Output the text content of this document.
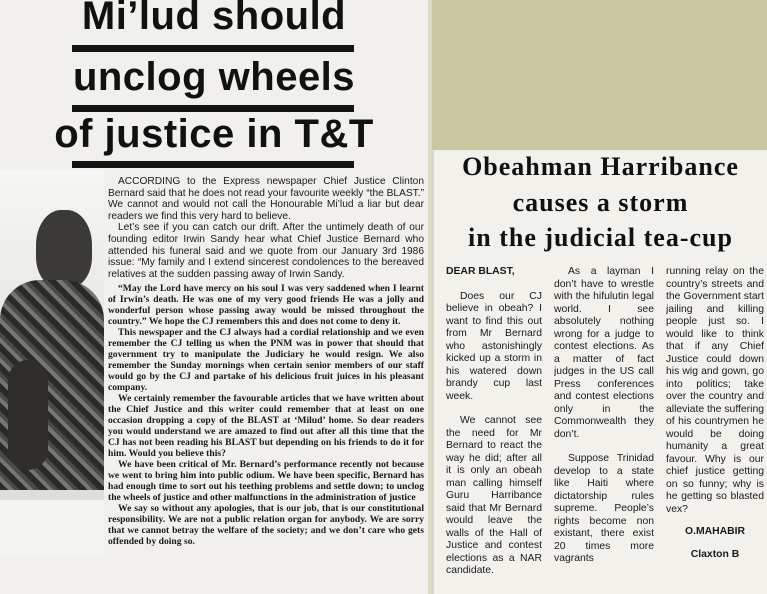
Mi’lud should
unclog wheels
of justice in T&T
ACCORDING to the Express newspaper Chief Justice Clinton Bernard said that he does not read your favourite weekly “the BLAST.” We cannot and would not call the Honourable Mi’lud a liar but dear readers we find this very hard to believe.
Let’s see if you can catch our drift. After the untimely death of our founding editor Irwin Sandy hear what Chief Justice Bernard who attended his funeral said and we quote from our January 3rd 1986 issue: “My family and I extend sincerest condolences to the bereaved relatives at the sudden passing away of Irwin Sandy.

“May the Lord have mercy on his soul I was very saddened when I learnt of Irwin’s death. He was one of my very good friends He was a jolly and wonderful person whose passing away would be missed throughout the country.” We hope the CJ remembers this and does not come to deny it.

This newspaper and the CJ always had a cordial relationship and we even remember the CJ telling us when the PNM was in power that should that government try to manipulate the Judiciary he would resign. We also remember the Sunday mornings when certain senior members of our staff would go by the CJ and partake of his delicious fruit juices in his pleasant company.

We certainly remember the favourable articles that we have written about the Chief Justice and this writer could remember that at least on one occasion dropping a copy of the BLAST at ‘Milud’ home. So dear readers you would understand we are amazed to find out after all this time that the CJ has not been reading his BLAST but depending on his friends to do it for him. Would you believe this?

We have been critical of Mr. Bernard’s performance recently not because we went to bring him into public odium. We have been specific, Bernard has had enough time to sort out his teething problems and settle down; to unclog the wheels of justice and other malfunctions in the administration of justice

We say so without any apologies, that is our job, that is our constitutional responsibility. We are not a public relation organ for anybody. We are sorry that we cannot betray the welfare of the society; and we don’t care who gets offended by doing so.

Obeahman Harribance
causes a storm
in the judicial tea-cup

DEAR BLAST,

Does our CJ believe in obeah? I want to find this out from Mr Bernard who astonishingly kicked up a storm in his watered down brandy cup last week.

We cannot see the need for Mr Bernard to react the way he did; after all it is only an obeah man calling himself Guru Harribance said that Mr Bernard would leave the walls of the Hall of Justice and contest elections as a NAR candidate.

As a layman I don’t have to wrestle with the hifulutin legal world. I see absolutely nothing wrong for a judge to contest elections. As a matter of fact judges in the US call Press conferences and contest elections only in the Commonwealth they don’t.

Suppose Trinidad develop to a state like Haiti where dictatorship rules supreme. People’s rights become non existant, there exist 20 times more vagrants

running relay on the country’s streets and the Government start jailing and killing people just so. I would like to think that if any Chief Justice could down his wig and gown, go into politics; take over the country and alleviate the suffering of his countrymen he would be doing humanity a great favour. Why is our chief justice getting on so funny; why is he getting so blasted vex?

O.MAHABIR

Claxton B
